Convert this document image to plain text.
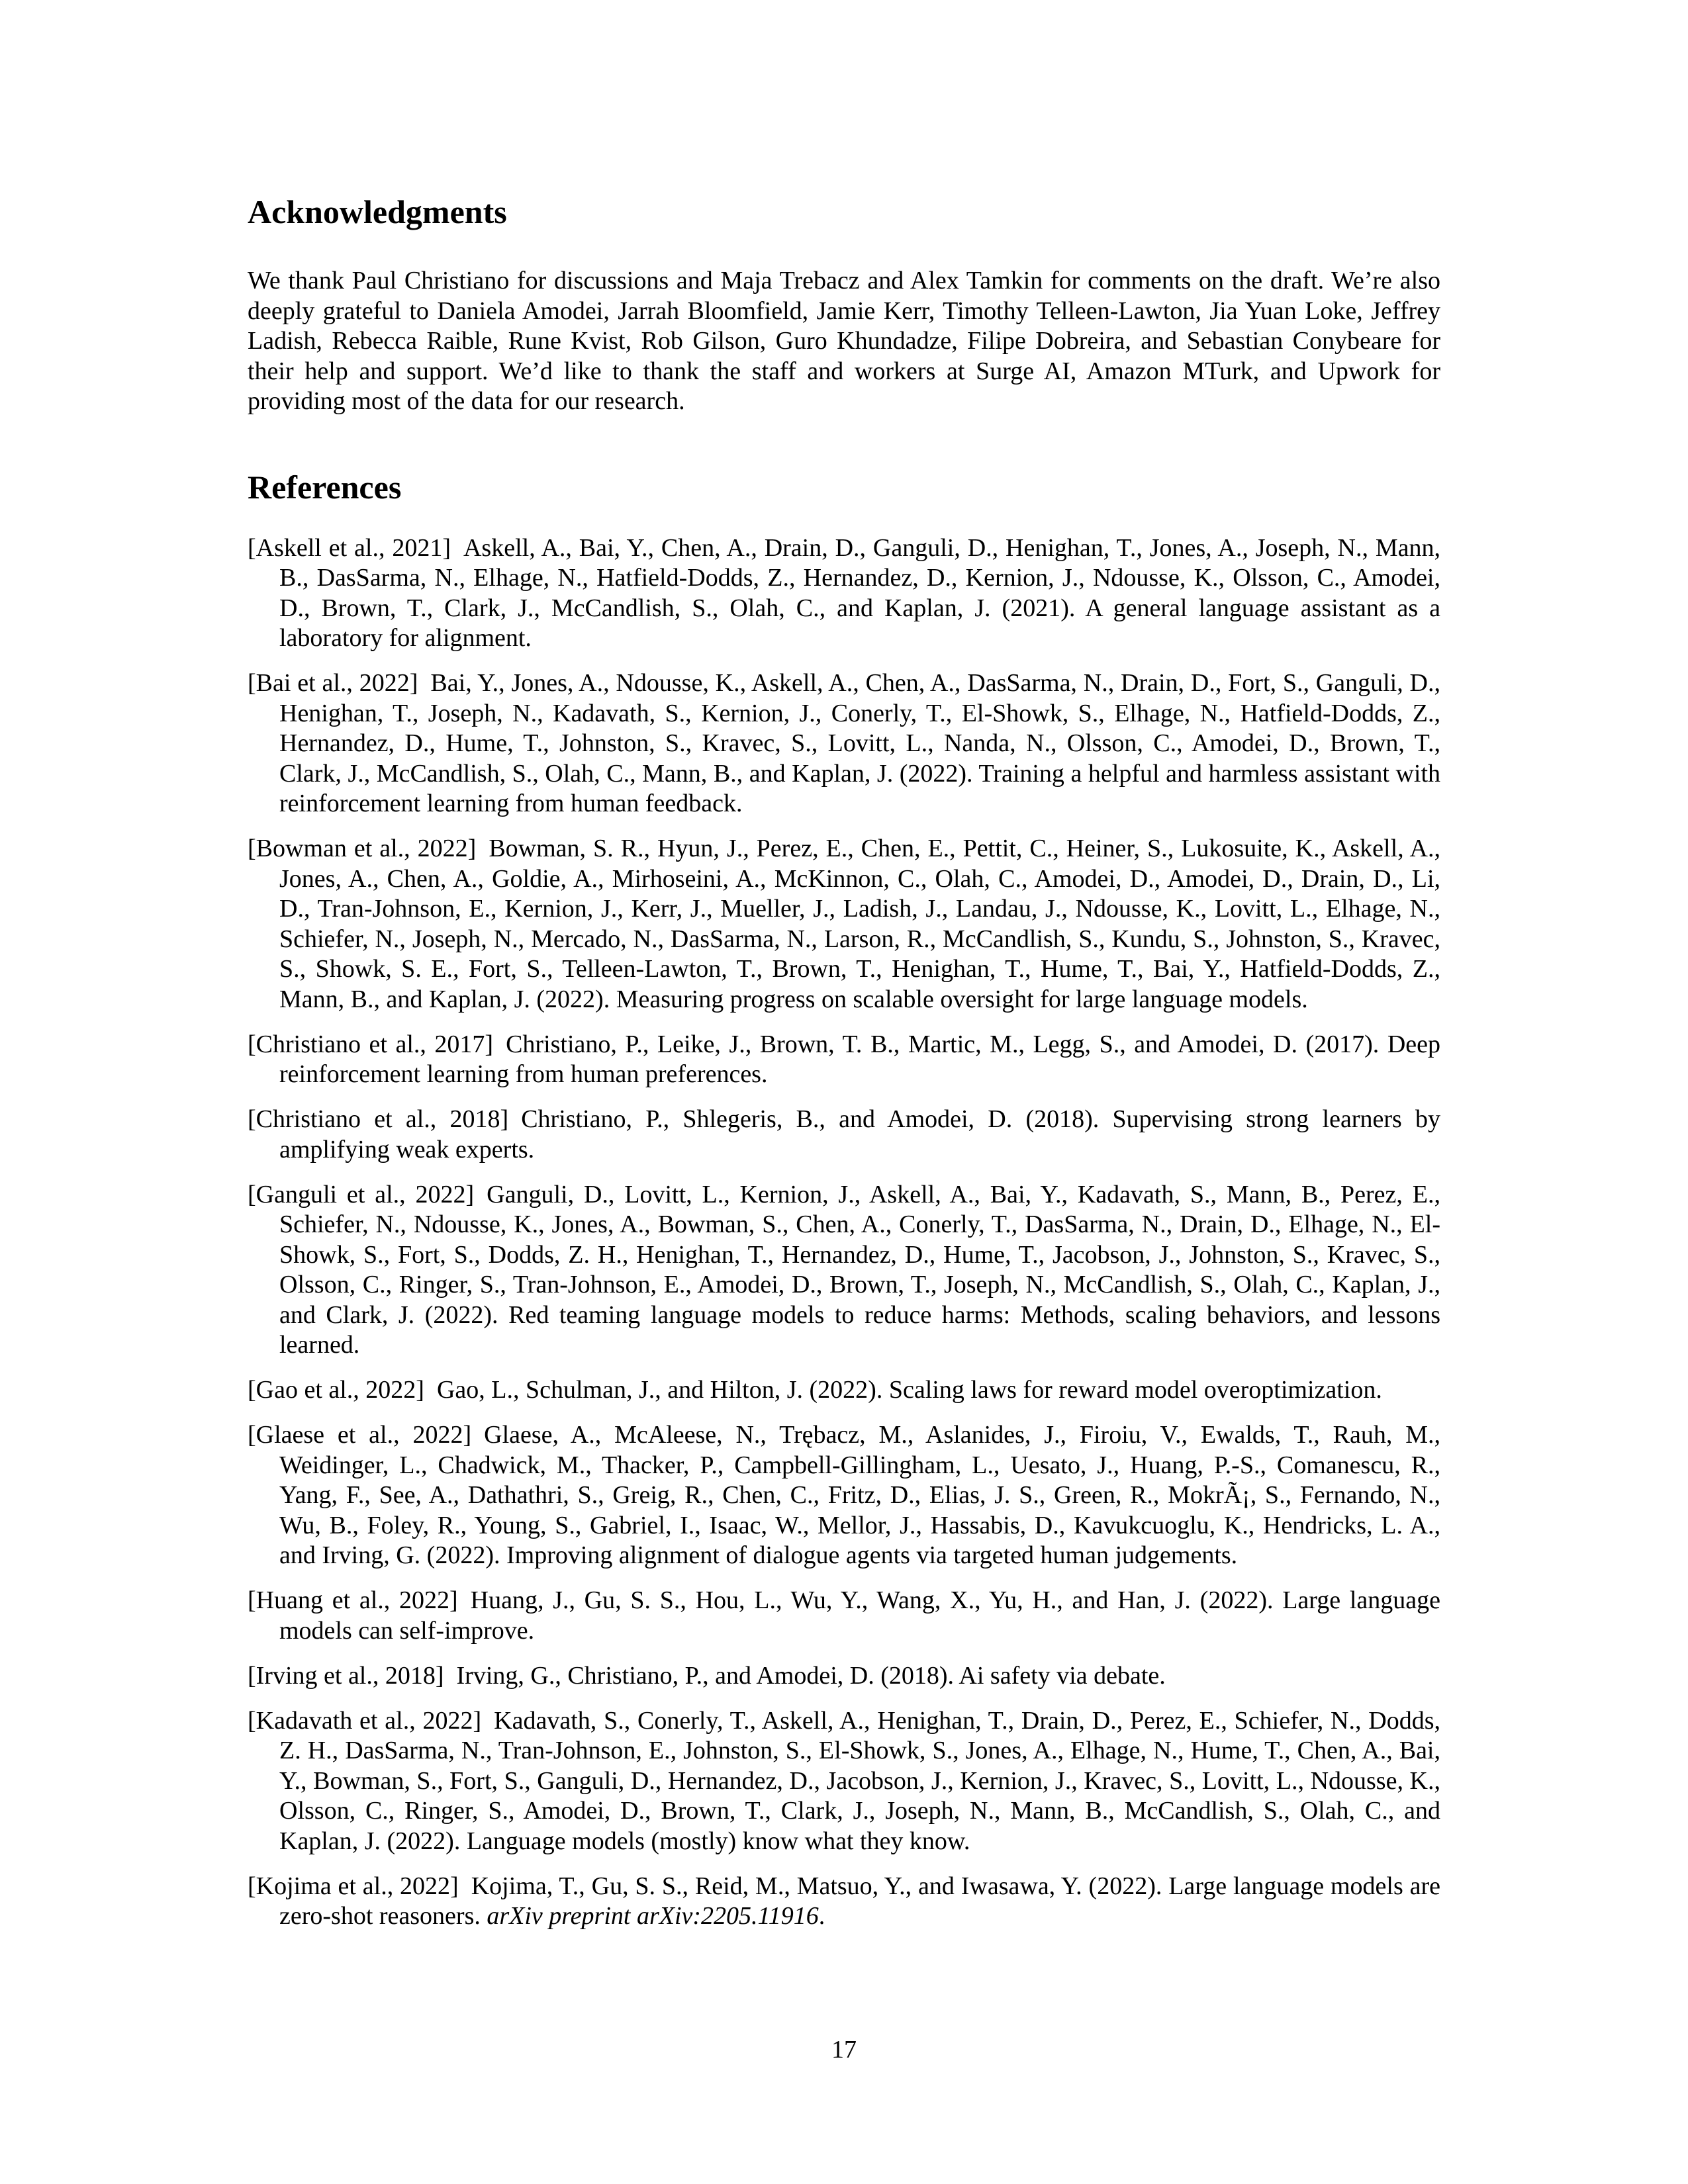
Acknowledgments

We thank Paul Christiano for discussions and Maja Trebacz and Alex Tamkin for comments on the draft. We’re also deeply grateful to Daniela Amodei, Jarrah Bloomfield, Jamie Kerr, Timothy Telleen-Lawton, Jia Yuan Loke, Jeffrey Ladish, Rebecca Raible, Rune Kvist, Rob Gilson, Guro Khundadze, Filipe Dobreira, and Sebastian Conybeare for their help and support. We’d like to thank the staff and workers at Surge AI, Amazon MTurk, and Upwork for providing most of the data for our research.

References
[Askell et al., 2021]  Askell, A., Bai, Y., Chen, A., Drain, D., Ganguli, D., Henighan, T., Jones, A., Joseph, N., Mann, B., DasSarma, N., Elhage, N., Hatfield-Dodds, Z., Hernandez, D., Kernion, J., Ndousse, K., Olsson, C., Amodei, D., Brown, T., Clark, J., McCandlish, S., Olah, C., and Kaplan, J. (2021). A general language assistant as a laboratory for alignment.
[Bai et al., 2022]  Bai, Y., Jones, A., Ndousse, K., Askell, A., Chen, A., DasSarma, N., Drain, D., Fort, S., Ganguli, D., Henighan, T., Joseph, N., Kadavath, S., Kernion, J., Conerly, T., El-Showk, S., Elhage, N., Hatfield-Dodds, Z., Hernandez, D., Hume, T., Johnston, S., Kravec, S., Lovitt, L., Nanda, N., Olsson, C., Amodei, D., Brown, T., Clark, J., McCandlish, S., Olah, C., Mann, B., and Kaplan, J. (2022). Training a helpful and harmless assistant with reinforcement learning from human feedback.
[Bowman et al., 2022]  Bowman, S. R., Hyun, J., Perez, E., Chen, E., Pettit, C., Heiner, S., Lukosuite, K., Askell, A., Jones, A., Chen, A., Goldie, A., Mirhoseini, A., McKinnon, C., Olah, C., Amodei, D., Amodei, D., Drain, D., Li, D., Tran-Johnson, E., Kernion, J., Kerr, J., Mueller, J., Ladish, J., Landau, J., Ndousse, K., Lovitt, L., Elhage, N., Schiefer, N., Joseph, N., Mercado, N., DasSarma, N., Larson, R., McCandlish, S., Kundu, S., Johnston, S., Kravec, S., Showk, S. E., Fort, S., Telleen-Lawton, T., Brown, T., Henighan, T., Hume, T., Bai, Y., Hatfield-Dodds, Z., Mann, B., and Kaplan, J. (2022). Measuring progress on scalable oversight for large language models.
[Christiano et al., 2017]  Christiano, P., Leike, J., Brown, T. B., Martic, M., Legg, S., and Amodei, D. (2017). Deep reinforcement learning from human preferences.
[Christiano et al., 2018]  Christiano, P., Shlegeris, B., and Amodei, D. (2018). Supervising strong learners by amplifying weak experts.
[Ganguli et al., 2022]  Ganguli, D., Lovitt, L., Kernion, J., Askell, A., Bai, Y., Kadavath, S., Mann, B., Perez, E., Schiefer, N., Ndousse, K., Jones, A., Bowman, S., Chen, A., Conerly, T., DasSarma, N., Drain, D., Elhage, N., El-Showk, S., Fort, S., Dodds, Z. H., Henighan, T., Hernandez, D., Hume, T., Jacobson, J., Johnston, S., Kravec, S., Olsson, C., Ringer, S., Tran-Johnson, E., Amodei, D., Brown, T., Joseph, N., McCandlish, S., Olah, C., Kaplan, J., and Clark, J. (2022). Red teaming language models to reduce harms: Methods, scaling behaviors, and lessons learned.
[Gao et al., 2022]  Gao, L., Schulman, J., and Hilton, J. (2022). Scaling laws for reward model overoptimization.
[Glaese et al., 2022]  Glaese, A., McAleese, N., Trębacz, M., Aslanides, J., Firoiu, V., Ewalds, T., Rauh, M., Weidinger, L., Chadwick, M., Thacker, P., Campbell-Gillingham, L., Uesato, J., Huang, P.-S., Comanescu, R., Yang, F., See, A., Dathathri, S., Greig, R., Chen, C., Fritz, D., Elias, J. S., Green, R., MokrÃ¡, S., Fernando, N., Wu, B., Foley, R., Young, S., Gabriel, I., Isaac, W., Mellor, J., Hassabis, D., Kavukcuoglu, K., Hendricks, L. A., and Irving, G. (2022). Improving alignment of dialogue agents via targeted human judgements.
[Huang et al., 2022]  Huang, J., Gu, S. S., Hou, L., Wu, Y., Wang, X., Yu, H., and Han, J. (2022). Large language models can self-improve.
[Irving et al., 2018]  Irving, G., Christiano, P., and Amodei, D. (2018). Ai safety via debate.
[Kadavath et al., 2022]  Kadavath, S., Conerly, T., Askell, A., Henighan, T., Drain, D., Perez, E., Schiefer, N., Dodds, Z. H., DasSarma, N., Tran-Johnson, E., Johnston, S., El-Showk, S., Jones, A., Elhage, N., Hume, T., Chen, A., Bai, Y., Bowman, S., Fort, S., Ganguli, D., Hernandez, D., Jacobson, J., Kernion, J., Kravec, S., Lovitt, L., Ndousse, K., Olsson, C., Ringer, S., Amodei, D., Brown, T., Clark, J., Joseph, N., Mann, B., McCandlish, S., Olah, C., and Kaplan, J. (2022). Language models (mostly) know what they know.
[Kojima et al., 2022]  Kojima, T., Gu, S. S., Reid, M., Matsuo, Y., and Iwasawa, Y. (2022). Large language models are zero-shot reasoners. arXiv preprint arXiv:2205.11916.
17
